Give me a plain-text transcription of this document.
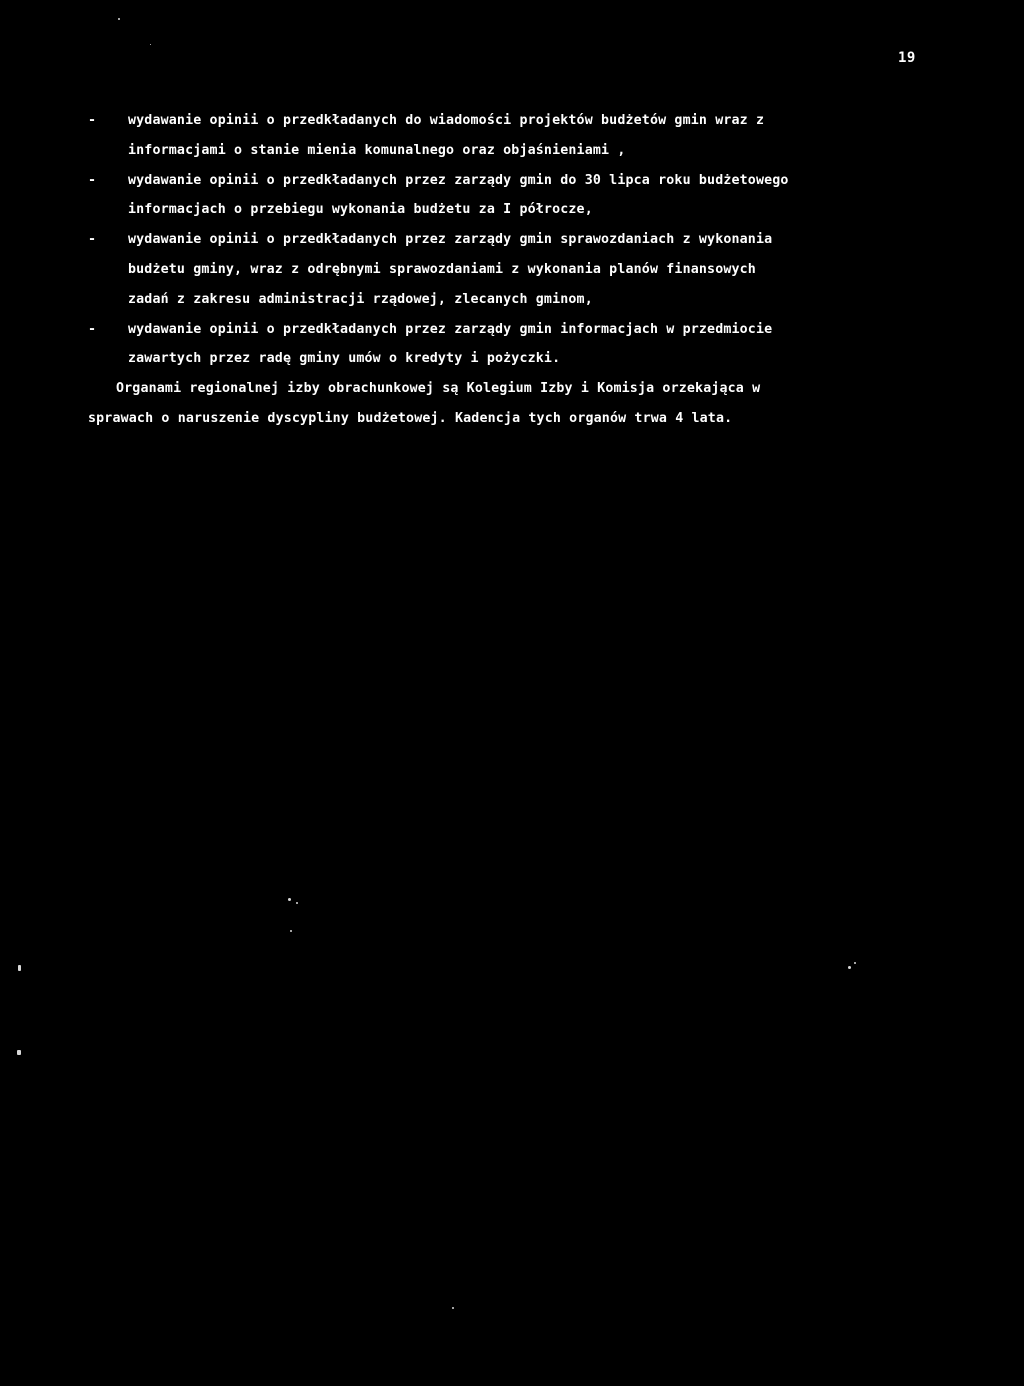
19
-	wydawanie opinii o przedkładanych do wiadomości projektów budżetów gmin wraz z
informacjami o stanie mienia komunalnego oraz objaśnieniami ,
-	wydawanie opinii o przedkładanych przez zarządy gmin do 30 lipca roku budżetowego
informacjach o przebiegu wykonania budżetu za I półrocze,
-	wydawanie opinii o przedkładanych przez zarządy gmin sprawozdaniach z wykonania
budżetu gminy, wraz z odrębnymi sprawozdaniami z wykonania planów finansowych
zadań z zakresu administracji rządowej, zlecanych gminom,
-	wydawanie opinii o przedkładanych przez zarządy gmin informacjach w przedmiocie
zawartych przez radę gminy umów o kredyty i pożyczki.
Organami regionalnej izby obrachunkowej są Kolegium Izby i Komisja orzekająca w
sprawach o naruszenie dyscypliny budżetowej. Kadencja tych organów trwa 4 lata.
